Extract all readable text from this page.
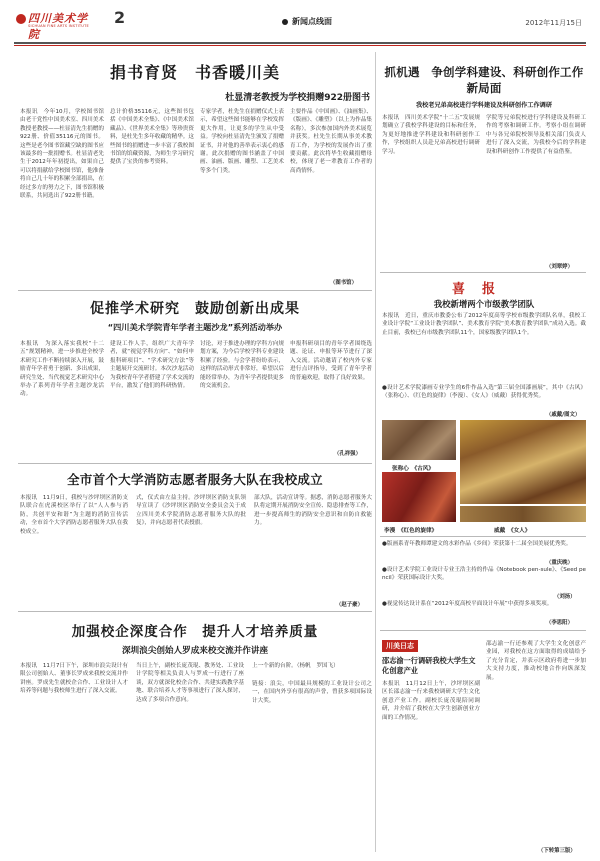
四川美术学院
SICHUAN FINE ARTS INSTITUTE 2	新闻点线面	2012年11月15日
捐书育贤　书香暖川美
杜显清老教授为学校捐赠922册图书
本报讯　今年10月，学校图书馆由老干党性中国美术室、四川美术教授老教授——杜显清先生捐赠的922册、价值35116元的图书。这些是老今图书馆藏空缺的图书应该最多的一批捐赠书。杜显清老先生于2012年年初提出，如果自己可以将捐献给学校图书馆，他准备将自己几十年的积累全部捐出，在经过多方的努力之下，图书馆积极联系，共同选出了922册书籍。
总计价格35116元，这些图书包括《中国美术全集》、《中国美术馆藏品》、《世界美术全集》等珍贵资料，是杜先生多年收藏的精华。这些图书的捐赠进一步丰富了我校图书馆的馆藏资源，为师生学习研究提供了宝贵的参考资料。
专家学者，杜先生在捐赠仪式上表示，希望这些图书能够在学校发挥更大作用，让更多的学生从中受益。学校向杜显清先生颁发了捐赠证书，并对他的善举表示衷心的感谢。此次捐赠的图书涵盖了中国画、油画、版画、雕塑、工艺美术等多个门类。
主要作品《中国画》、《油画集》、《版画》、《雕塑》（以上为作品集名称），多次参加国内外美术展览并获奖。杜先生长期从事美术教育工作，为学校的发展作出了重要贡献。此次将毕生收藏捐赠母校，体现了老一辈教育工作者的高尚情怀。
（图书馆）
促推学术研究　鼓励创新出成果
“四川美术学院青年学者主题沙龙”系列活动举办
本报讯　为深入落实我校“十二五”规划精神，进一步推进全校学术研究工作不断持续深入开展，鼓励青年学者勇于创新、多出成果，研究生处、当代视觉艺术研究中心举办了系列青年学者主题沙龙活动。
建设工作人手，组织广大青年学者，就“视觉学科方向”、“如何申报科研项目”、“学术研究方法”等主题展开交流研讨。本次沙龙活动为我校青年学者搭建了学术交流的平台，激发了他们的科研热情。
讨论，对于推进办理的学科方向规划方案，为今后学校学科专业建设积累了经验。与会学者纷纷表示，这样的活动形式非常好，希望以后能经常举办，为青年学者提供更多的交流机会。
申报科研项目的青年学者围绕选题、论证、申报等环节进行了深入交流。活动邀请了校内外专家进行点评指导，受到了青年学者的普遍欢迎，取得了良好效果。
（孔祥强）
全市首个大学消防志愿者服务大队在我校成立
本报讯　11月9日，我校与沙坪坝区消防支队联合在虎溪校区举行了以“人人参与消防，共创平安和谐”为主题的消防宣传活动，全市首个大学消防志愿者服务大队在我校成立。
式，仪式由左益主持。沙坪坝区消防支队领导宣读了《沙坪坝区消防安全委员会关于成立四川美术学院消防志愿者服务大队的批复》，并向志愿者代表授旗。
部大队，活动宣讲等。据悉，消防志愿者服务大队将定期开展消防安全宣传、隐患排查等工作，进一步提高师生的消防安全意识和自防自救能力。
（赵子豪）
加强校企深度合作　提升人才培养质量
深圳浪尖创始人罗成来校交流并作讲座
本报讯　11月7日下午，深圳市浪尖设计有限公司创始人、董事长罗成来我校交流并作讲座。罗成先生就校企合作、工业设计人才培养等问题与我校师生进行了深入交流。
当日上午，副校长庞茂琨、教务处、工业设计学院等相关负责人与罗成一行进行了座谈，双方就深化校企合作、共建实践教学基地、联合培养人才等事项进行了深入探讨，达成了多项合作意向。
上一个新的台阶。（杨帆　罗国飞）
链接：浪尖，中国最具规模的工业设计公司之一，在国内外享有很高的声誉，曾获多项国际设计大奖。
抓机遇　争创学科建设、科研创作工作新局面
我校老兄弟高校进行学科建设及科研创作工作调研
本报讯　四川美术学院“十二五”发展规划确立了我校学科建设的目标和任务，为更好地推进学科建设和科研创作工作，学校组织人员赴兄弟高校进行调研学习。
学院等兄弟院校进行学科建设及科研工作的考察和调研工作。考察小组在调研中与各兄弟院校领导及相关部门负责人进行了深入交流，为我校今后的学科建设和科研创作工作提供了有益借鉴。
（刘翠婷）
喜　报
我校新增两个市级教学团队
本报讯　近日，重庆市教委公布了2012年度高等学校市级教学团队名单，我校工业设计学院“工业设计教学团队”、美术教育学院“美术教育教学团队”成功入选。截止目前，我校已有市级教学团队11个，国家级教学团队1个。
●设计艺术学院漆画专业学生的6件作品入选“第三届全国漆画展”，其中《古风》（张称心）、《红色的旋律》（李漫）、《女人》（威戴）获得优秀奖。
（戚戴/图文）
张称心　《古风》
李漫　《红色的旋律》	威戴　《女人》
●版画系青年教师谭建文的水彩作品《乡间》荣获第十二届全国美展优秀奖。
（重庆晚）
●设计艺术学院工业设计专业王浩主持的作品《Notebook pen-sule》、《Seed pencil》荣获国际设计大奖。
（刘扬）
●视觉传达设计系在“2012年度高校平面设计年展”中获得多项奖项。
（李思阳）
川美日志
邵志渝一行调研我校大学生文化创意产业
本报讯　11月12日上午，沙坪坝区副区长邵志渝一行来我校调研大学生文化创意产业工作。副校长庞茂琨陪同调研，并介绍了我校在大学生创新创业方面的工作情况。
邵志渝一行还参观了大学生文化创意产业园，对我校在这方面取得的成绩给予了充分肯定，并表示区政府将进一步加大支持力度，推动校地合作向纵深发展。
（下转第三版）
